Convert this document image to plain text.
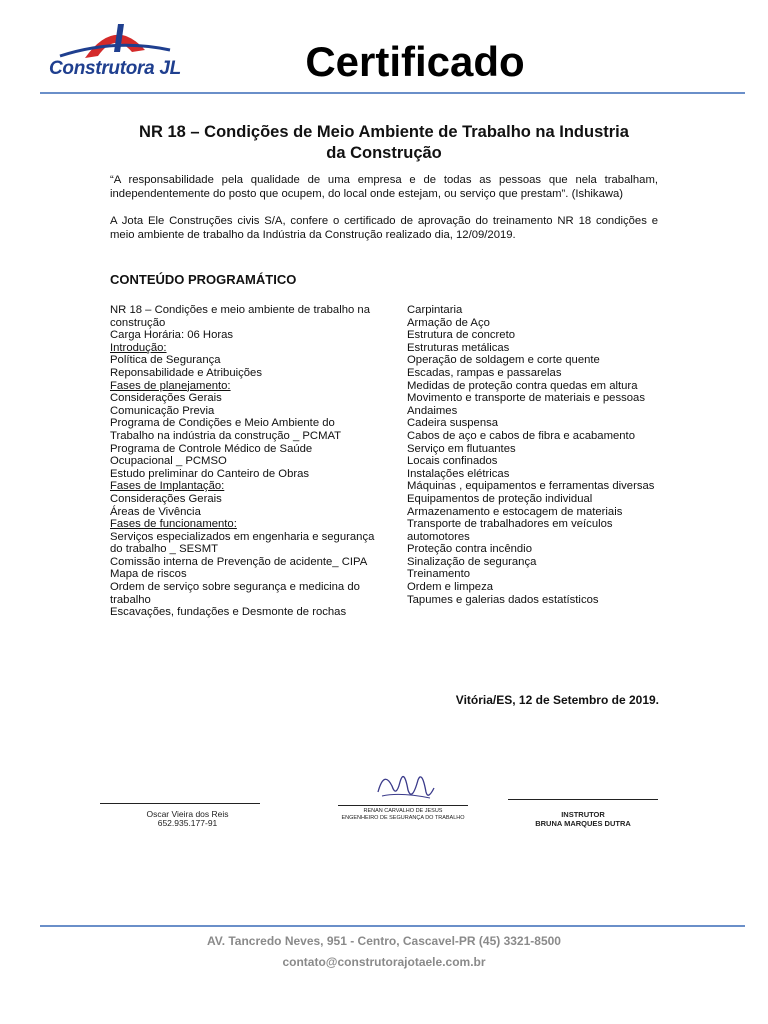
Construtora JL	Certificado
NR 18 – Condições de Meio Ambiente de Trabalho na Industria
da Construção
“A responsabilidade pela qualidade de uma empresa e de todas as pessoas que nela trabalham, independentemente do posto que ocupem, do local onde estejam, ou serviço que prestam”. (Ishikawa)
A Jota Ele Construções civis S/A, confere o certificado de aprovação do treinamento NR 18 condições e meio ambiente de trabalho da Indústria da Construção realizado dia, 12/09/2019.
CONTEÚDO PROGRAMÁTICO
NR 18 – Condições e meio ambiente de trabalho na construção
Carga Horária: 06 Horas
Introdução:
Política de Segurança
Reponsabilidade e Atribuições
Fases de planejamento:
Considerações Gerais
Comunicação Previa
Programa de Condições e Meio Ambiente do Trabalho na indústria da construção _ PCMAT
Programa de Controle Médico de Saúde Ocupacional _ PCMSO
Estudo preliminar do Canteiro de Obras
Fases de Implantação:
Considerações Gerais
Áreas de Vivência
Fases de funcionamento:
Serviços especializados em engenharia e segurança do trabalho _ SESMT
Comissão interna de Prevenção de acidente_ CIPA
Mapa de riscos
Ordem de serviço sobre segurança e medicina do trabalho
Escavações, fundações e Desmonte de rochas
Carpintaria
Armação de Aço
Estrutura de concreto
Estruturas metálicas
Operação de soldagem e corte quente
Escadas, rampas e passarelas
Medidas de proteção contra quedas em altura
Movimento e transporte de materiais e pessoas
Andaimes
Cadeira suspensa
Cabos de aço e cabos de fibra e acabamento
Serviço em flutuantes
Locais confinados
Instalações elétricas
Máquinas , equipamentos e ferramentas diversas
Equipamentos de proteção individual
Armazenamento e estocagem de materiais
Transporte de trabalhadores em veículos automotores
Proteção contra incêndio
Sinalização de segurança
Treinamento
Ordem e limpeza
Tapumes e galerias dados estatísticos
Vitória/ES, 12 de Setembro de 2019.
Oscar Vieira dos Reis
652.935.177-91
RENAN CARVALHO DE JESUS
ENGENHEIRO DE SEGURANÇA DO TRABALHO	INSTRUTOR
BRUNA MARQUES DUTRA
AV. Tancredo Neves, 951 - Centro, Cascavel-PR (45) 3321-8500
contato@construtorajotaele.com.br
